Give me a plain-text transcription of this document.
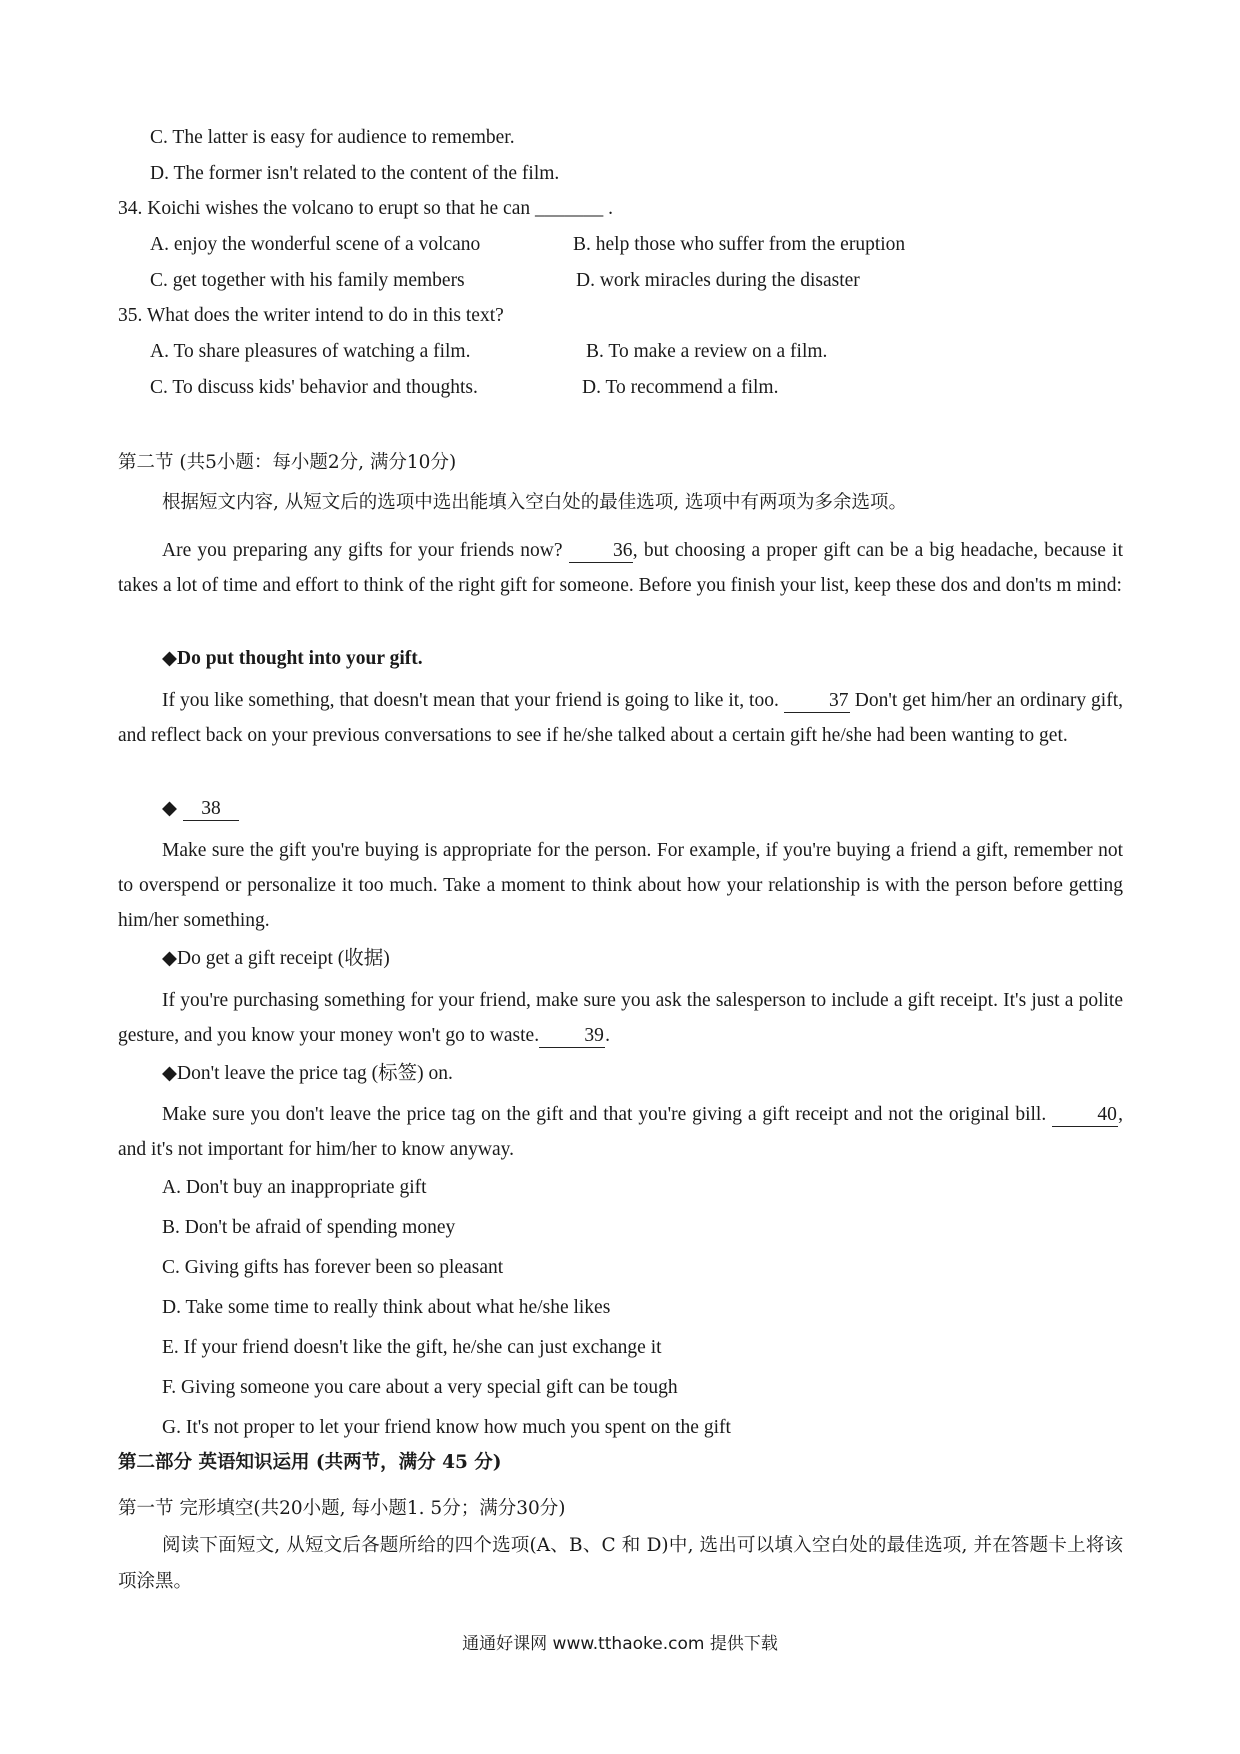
C. The latter is easy for audience to remember.
D. The former isn't related to the content of the film.
34. Koichi wishes the volcano to erupt so that he can _______ .
A. enjoy the wonderful scene of a volcano	B. help those who suffer from the eruption
C. get together with his family members	D. work miracles during the disaster
35. What does the writer intend to do in this text?
A. To share pleasures of watching a film.	B. To make a review on a film.
C. To discuss kids' behavior and thoughts.	D. To recommend a film.
第二节 (共5小题：每小题2分, 满分10分)
根据短文内容, 从短文后的选项中选出能填入空白处的最佳选项, 选项中有两项为多余选项。
Are you preparing any gifts for your friends now? 36, but choosing a proper gift can be a big headache, because it takes a lot of time and effort to think of the right gift for someone. Before you finish your list, keep these dos and don'ts m mind:
◆Do put thought into your gift.
If you like something, that doesn't mean that your friend is going to like it, too. 37 Don't get him/her an ordinary gift, and reflect back on your previous conversations to see if he/she talked about a certain gift he/she had been wanting to get.
◆ 38
Make sure the gift you're buying is appropriate for the person. For example, if you're buying a friend a gift, remember not to overspend or personalize it too much. Take a moment to think about how your relationship is with the person before getting him/her something.
◆Do get a gift receipt (收据)
If you're purchasing something for your friend, make sure you ask the salesperson to include a gift receipt. It's just a polite gesture, and you know your money won't go to waste. 39.
◆Don't leave the price tag (标签) on.
Make sure you don't leave the price tag on the gift and that you're giving a gift receipt and not the original bill. 40, and it's not important for him/her to know anyway.
A. Don't buy an inappropriate gift
B. Don't be afraid of spending money
C. Giving gifts has forever been so pleasant
D. Take some time to really think about what he/she likes
E. If your friend doesn't like the gift, he/she can just exchange it
F. Giving someone you care about a very special gift can be tough
G. It's not proper to let your friend know how much you spent on the gift
第二部分 英语知识运用 (共两节，满分 45 分)
第一节 完形填空(共20小题, 每小题1. 5分；满分30分)
阅读下面短文, 从短文后各题所给的四个选项(A、B、C 和 D)中, 选出可以填入空白处的最佳选项, 并在答题卡上将该项涂黑。
通通好课网 www.tthaoke.com 提供下载
